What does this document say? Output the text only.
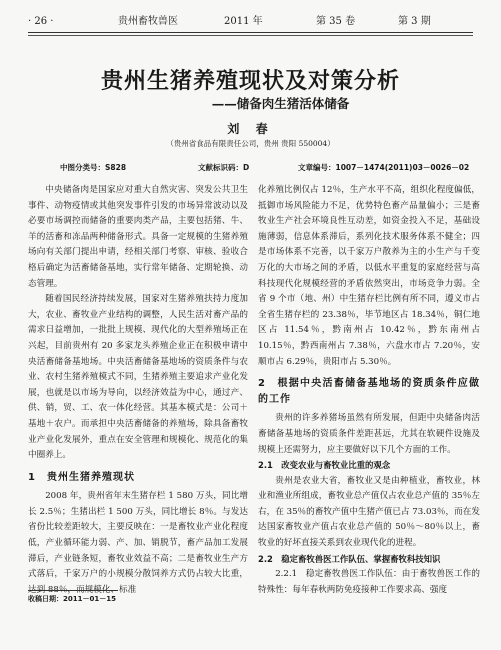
· 26 ·	贵州畜牧兽医	2011 年	第 35 卷	第 3 期
贵州生猪养殖现状及对策分析
——储备肉生猪活体储备
刘 春
（贵州省食品有限责任公司，贵州 贵阳 550004）
中图分类号：S828	文献标识码：D	文章编号：1007－1474(2011)03－0026－02

中央储备肉是国家应对重大自然灾害、突发公共卫生事件、动物疫情或其他突发事件引发的市场异常波动以及必要市场调控而储备的重要肉类产品，主要包括猪、牛、羊的活畜和冻品两种储备形式。具备一定规模的生猪养殖场向有关部门提出申请，经相关部门考察、审核、验收合格后确定为活畜储备基地，实行常年储备、定期轮换、动态管理。

随着国民经济持续发展，国家对生猪养殖扶持力度加大，农业、畜牧业产业结构的调整，人民生活对畜产品的需求日益增加，一批批上规模、现代化的大型养殖场正在兴起，目前贵州有 20 多家龙头养殖企业正在积极申请中央活畜储备基地场。中央活畜储备基地场的资质条件与农业、农村生猪养殖模式不同，生猪养殖主要追求产业化发展，也就是以市场为导向，以经济效益为中心，通过产、供、销，贸、工、农一体化经营。其基本模式是：公司＋基地＋农户。而承担中央活畜储备的养殖场，除具备畜牧业产业化发展外，重点在安全管理和规模化、规范化的集中圈养上。

1　贵州生猪养殖现状

2008 年，贵州省年末生猪存栏 1 580 万头，同比增长 2.5％；生猪出栏 1 500 万头，同比增长 8％。与发达省份比较差距较大，主要反映在：一是畜牧业产业化程度低，产业循环能力弱、产、加、销脱节，畜产品加工发展滞后，产业链条短，畜牧业效益不高；二是畜牧业生产方式落后，千家万户的小规模分散饲养方式仍占较大比重，达到 88％，而规模化、标准

收稿日期：2011－01－15

化养殖比例仅占 12％，生产水平不高，组织化程度偏低，抵御市场风险能力不足，优势特色畜产品量偏小；三是畜牧业生产社会环境良性互动差，如资金投入不足，基础设施薄弱，信息体系滞后，系列化技术服务体系不健全；四是市场体系不完善，以千家万户散养为主的小生产与千变万化的大市场之间的矛盾，以低水平重复的家庭经营与高科技现代化规模经营的矛盾依然突出，市场竞争力弱。全省 9 个市（地、州）中生猪存栏比例有所不同，遵义市占全省生猪存栏的 23.38％，毕节地区占 18.34％，铜仁地区占 11.54％，黔南州占 10.42％，黔东南州占 10.15％，黔西南州占 7.38％，六盘水市占 7.20％，安顺市占 6.29％，贵阳市占 5.30％。

2　根据中央活畜储备基地场的资质条件应做的工作

贵州的许多养猪场虽然有所发展，但距中央储备肉活畜储备基地场的资质条件差距甚远，尤其在软硬件设施及规模上还需努力，应主要做好以下几个方面的工作。

2.1　改变农业与畜牧业比重的观念

贵州是农业大省，畜牧业又是由种植业，畜牧业，林业和渔业所组成，畜牧业总产值仅占农业总产值的 35％左右，在 35％的畜牧产值中生猪产值已占 73.03％，而在发达国家畜牧业产值占农业总产值的 50％～80％以上，畜牧业的好坏直接关系到农业现代化的进程。

2.2　稳定畜牧兽医工作队伍、掌握畜牧科技知识

2.2.1　稳定畜牧兽医工作队伍：由于畜牧兽医工作的特殊性：每年春秋两防免疫接种工作要求高、强度
